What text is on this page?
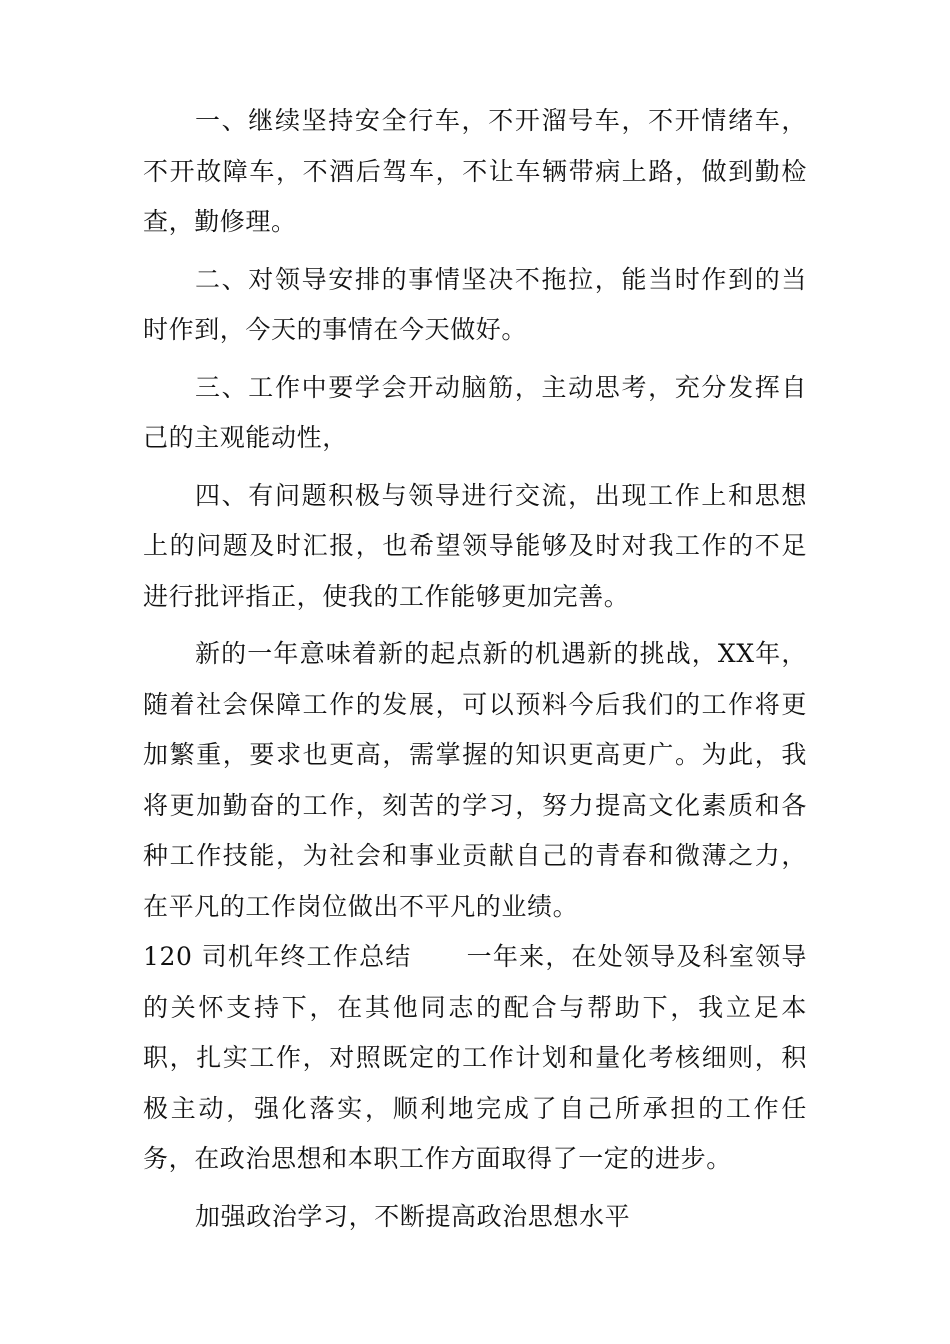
一、继续坚持安全行车，不开溜号车，不开情绪车，不开故障车，不酒后驾车，不让车辆带病上路，做到勤检查，勤修理。

二、对领导安排的事情坚决不拖拉，能当时作到的当时作到，今天的事情在今天做好。

三、工作中要学会开动脑筋，主动思考，充分发挥自己的主观能动性，

四、有问题积极与领导进行交流，出现工作上和思想上的问题及时汇报，也希望领导能够及时对我工作的不足进行批评指正，使我的工作能够更加完善。

新的一年意味着新的起点新的机遇新的挑战，XX年，随着社会保障工作的发展，可以预料今后我们的工作将更加繁重，要求也更高，需掌握的知识更高更广。为此，我将更加勤奋的工作，刻苦的学习，努力提高文化素质和各种工作技能，为社会和事业贡献自己的青春和微薄之力，在平凡的工作岗位做出不平凡的业绩。

120 司机年终工作总结 一年来，在处领导及科室领导的关怀支持下，在其他同志的配合与帮助下，我立足本职，扎实工作，对照既定的工作计划和量化考核细则，积极主动，强化落实，顺利地完成了自己所承担的工作任务，在政治思想和本职工作方面取得了一定的进步。

加强政治学习，不断提高政治思想水平
